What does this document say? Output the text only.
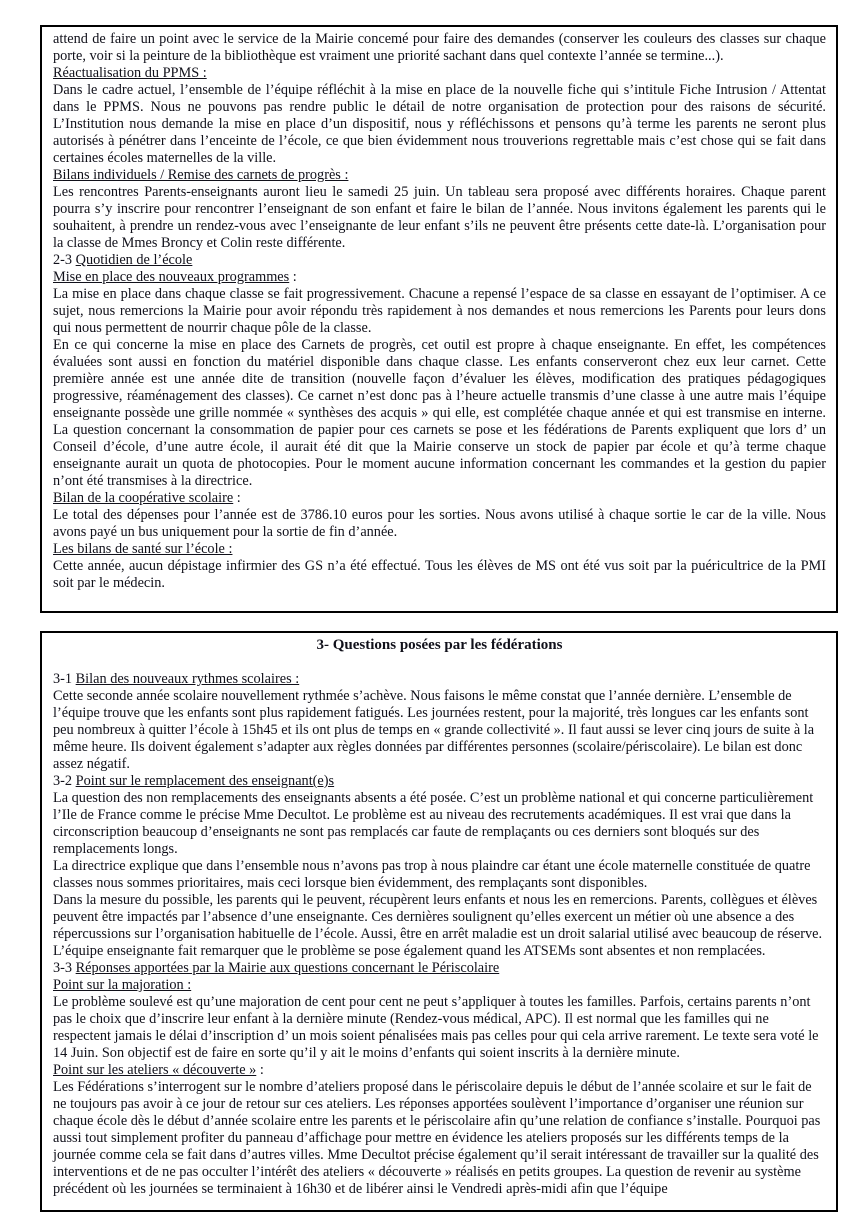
attend de faire un point avec le service de la Mairie concemé pour faire des demandes (conserver les couleurs des classes sur chaque porte, voir si la peinture de la bibliothèque est vraiment une priorité sachant dans quel contexte l’année se termine...).

Réactualisation du PPMS :

Dans le cadre actuel, l’ensemble de l’équipe réfléchit à la mise en place de la nouvelle fiche qui s’intitule Fiche Intrusion / Attentat dans le PPMS. Nous ne pouvons pas rendre public le détail de notre organisation de protection pour des raisons de sécurité. L’Institution nous demande la mise en place d’un dispositif, nous y réfléchissons et pensons qu’à terme les parents ne seront plus autorisés à pénétrer dans l’enceinte de l’école, ce que bien évidemment nous trouverions regrettable mais c’est chose qui se fait dans certaines écoles maternelles de la ville.

Bilans individuels / Remise des carnets de progrès :

Les rencontres Parents-enseignants auront lieu le samedi 25 juin. Un tableau sera proposé avec différents horaires. Chaque parent pourra s’y inscrire pour rencontrer l’enseignant de son enfant et faire le bilan de l’année. Nous invitons également les parents qui le souhaitent, à prendre un rendez-vous avec l’enseignante de leur enfant s’ils ne peuvent être présents cette date-là. L’organisation pour la classe de Mmes Broncy et Colin reste différente.

2-3 Quotidien de l’école

Mise en place des nouveaux programmes :

La mise en place dans chaque classe se fait progressivement. Chacune a repensé l’espace de sa classe en essayant de l’optimiser. A ce sujet, nous remercions la Mairie pour avoir répondu très rapidement à nos demandes et nous remercions les Parents pour leurs dons qui nous permettent de nourrir chaque pôle de la classe.

En ce qui concerne la mise en place des Carnets de progrès, cet outil est propre à chaque enseignante. En effet, les compétences évaluées sont aussi en fonction du matériel disponible dans chaque classe. Les enfants conserveront chez eux leur carnet. Cette première année est une année dite de transition (nouvelle façon d’évaluer les élèves, modification des pratiques pédagogiques progressive, réaménagement des classes). Ce carnet n’est donc pas à l’heure actuelle transmis d’une classe à une autre mais l’équipe enseignante possède une grille nommée « synthèses des acquis » qui elle, est complétée chaque année et qui est transmise en interne. La question concernant la consommation de papier pour ces carnets se pose et les fédérations de Parents expliquent que lors d’ un Conseil d’école, d’une autre école, il aurait été dit que la Mairie conserve un stock de papier par école et qu’à terme chaque enseignante aurait un quota de photocopies. Pour le moment aucune information concernant les commandes et la gestion du papier n’ont été transmises à la directrice.

Bilan de la coopérative scolaire :

Le total des dépenses pour l’année est de 3786.10 euros pour les sorties. Nous avons utilisé à chaque sortie le car de la ville. Nous avons payé un bus uniquement pour la sortie de fin d’année.

Les bilans de santé sur l’école :

Cette année, aucun dépistage infirmier des GS n’a été effectué. Tous les élèves de MS ont été vus soit par la puéricultrice de la PMI soit par le médecin.

3- Questions posées par les fédérations

3-1 Bilan des nouveaux rythmes scolaires :

Cette seconde année scolaire nouvellement rythmée s’achève. Nous faisons le même constat que l’année dernière. L’ensemble de l’équipe trouve que les enfants sont plus rapidement fatigués. Les journées restent, pour la majorité, très longues car les enfants sont peu nombreux à quitter l’école à 15h45 et ils ont plus de temps en « grande collectivité ». Il faut aussi se lever cinq jours de suite à la même heure. Ils doivent également s’adapter aux règles données par différentes personnes (scolaire/périscolaire). Le bilan est donc assez négatif.

3-2 Point sur le remplacement des enseignant(e)s

La question des non remplacements des enseignants absents a été posée. C’est un problème national et qui concerne particulièrement l’Ile de France comme le précise Mme Decultot. Le problème est au niveau des recrutements académiques. Il est vrai que dans la circonscription beaucoup d’enseignants ne sont pas remplacés car faute de remplaçants ou ces derniers sont bloqués sur des remplacements longs.

La directrice explique que dans l’ensemble nous n’avons pas trop à nous plaindre car étant une école maternelle constituée de quatre classes nous sommes prioritaires, mais ceci lorsque bien évidemment, des remplaçants sont disponibles.

Dans la mesure du possible, les parents qui le peuvent, récupèrent leurs enfants et nous les en remercions. Parents, collègues et élèves peuvent être impactés par l’absence d’une enseignante. Ces dernières soulignent qu’elles exercent un métier où une absence a des répercussions sur l’organisation habituelle de l’école. Aussi, être en arrêt maladie est un droit salarial utilisé avec beaucoup de réserve. L’équipe enseignante fait remarquer que le problème se pose également quand les ATSEMs sont absentes et non remplacées.

3-3 Réponses apportées par la Mairie aux questions concernant le Périscolaire

Point sur la majoration :

Le problème soulevé est qu’une majoration de cent pour cent ne peut s’appliquer à toutes les familles. Parfois, certains parents n’ont pas le choix que d’inscrire leur enfant à la dernière minute (Rendez-vous médical, APC). Il est normal que les familles qui ne respectent jamais le délai d’inscription d’ un mois soient pénalisées mais pas celles pour qui cela arrive rarement. Le texte sera voté le 14 Juin. Son objectif est de faire en sorte qu’il y ait le moins d’enfants qui soient inscrits à la dernière minute.

Point sur les ateliers « découverte » :

Les Fédérations s’interrogent sur le nombre d’ateliers proposé dans le périscolaire depuis le début de l’année scolaire et sur le fait de ne toujours pas avoir à ce jour de retour sur ces ateliers. Les réponses apportées soulèvent l’importance d’organiser une réunion sur chaque école dès le début d’année scolaire entre les parents et le périscolaire afin qu’une relation de confiance s’installe. Pourquoi pas aussi tout simplement profiter du panneau d’affichage pour mettre en évidence les ateliers proposés sur les différents temps de la journée comme cela se fait dans d’autres villes. Mme Decultot précise également qu’il serait intéressant de travailler sur la qualité des interventions et de ne pas occulter l’intérêt des ateliers « découverte » réalisés en petits groupes. La question de revenir au système précédent où les journées se terminaient à 16h30 et de libérer ainsi le Vendredi après-midi afin que l’équipe
